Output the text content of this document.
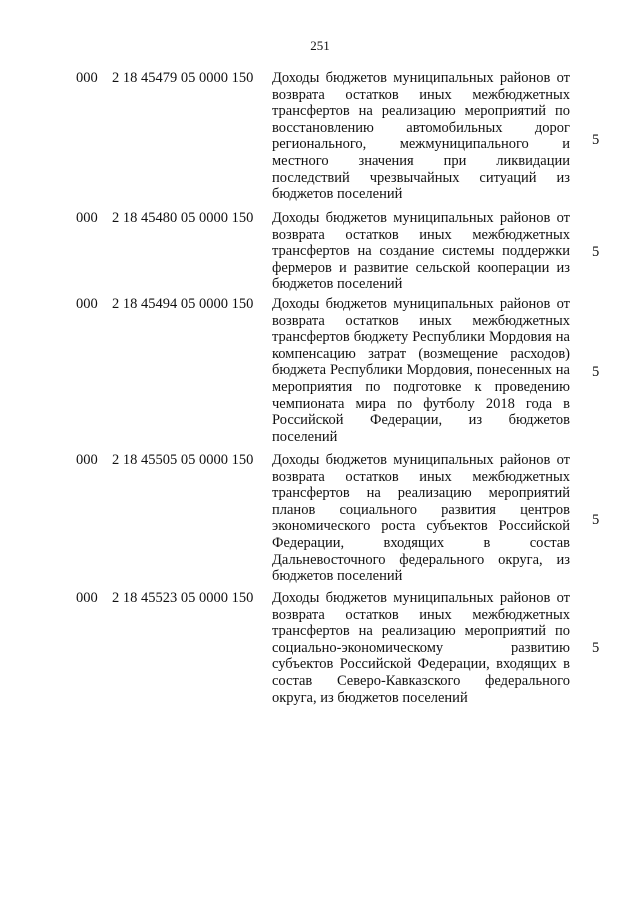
251
000 2 18 45479 05 0000 150 Доходы бюджетов муниципальных районов от возврата остатков иных межбюджетных трансфертов на реализацию мероприятий по восстановлению автомобильных дорог регионального, межмуниципального и местного значения при ликвидации последствий чрезвычайных ситуаций из бюджетов поселений
5
000 2 18 45480 05 0000 150 Доходы бюджетов муниципальных районов от возврата остатков иных межбюджетных трансфертов на создание системы поддержки фермеров и развитие сельской кооперации из бюджетов поселений
5
000 2 18 45494 05 0000 150 Доходы бюджетов муниципальных районов от возврата остатков иных межбюджетных трансфертов бюджету Республики Мордовия на компенсацию затрат (возмещение расходов) бюджета Республики Мордовия, понесенных на мероприятия по подготовке к проведению чемпионата мира по футболу 2018 года в Российской Федерации, из бюджетов поселений
5
000 2 18 45505 05 0000 150 Доходы бюджетов муниципальных районов от возврата остатков иных межбюджетных трансфертов на реализацию мероприятий планов социального развития центров экономического роста субъектов Российской Федерации, входящих в состав Дальневосточного федерального округа, из бюджетов поселений
5
000 2 18 45523 05 0000 150 Доходы бюджетов муниципальных районов от возврата остатков иных межбюджетных трансфертов на реализацию мероприятий по социально-экономическому развитию субъектов Российской Федерации, входящих в состав Северо-Кавказского федерального округа, из бюджетов поселений
5
